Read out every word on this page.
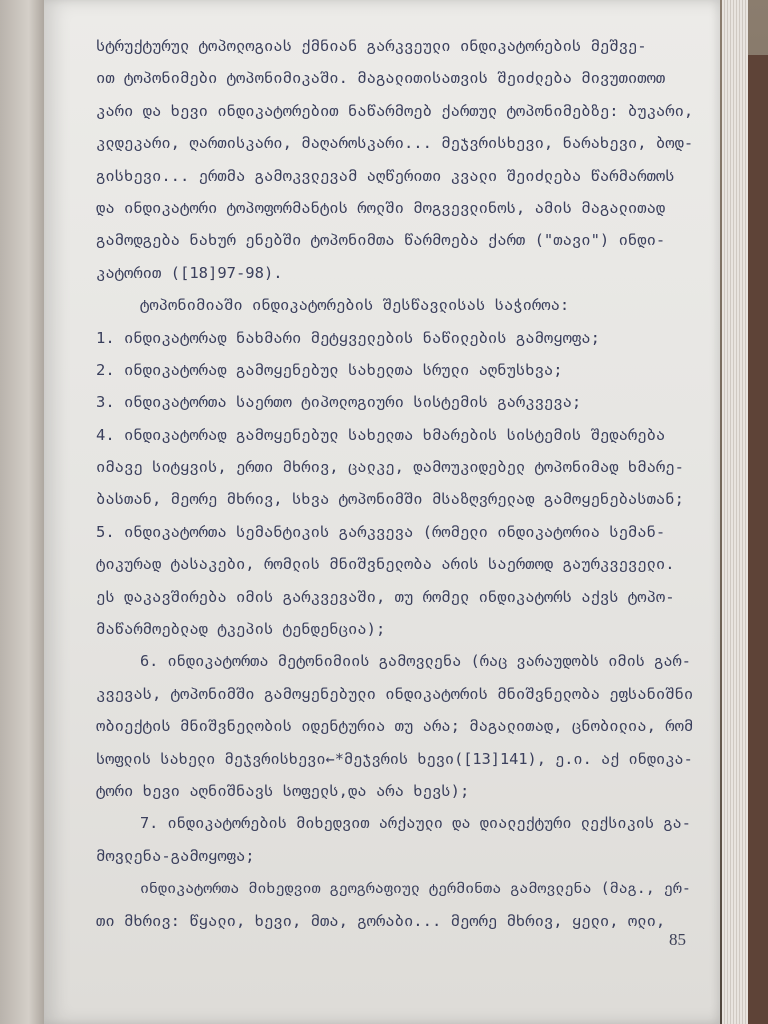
სტრუქტურულ ტოპოლოგიას ქმნიან გარკვეული ინდიკატორების მეშვე-
ით ტოპონიმები ტოპონიმიკაში. მაგალითისათვის შეიძლება მივუთითოთ
კარი და ხევი ინდიკატორებით ნაწარმოებ ქართულ ტოპონიმებზე: ბუკარი,
კლდეკარი, ღართისკარი, მაღაროსკარი... მეჯვრისხევი, ნარახევი, ბოდ-
გისხევი... ერთმა გამოკვლევამ აღწერითი კვალი შეიძლება წარმართოს
და ინდიკატორი ტოპოფორმანტის როლში მოგვევლინოს, ამის მაგალითად
გამოდგება ნახურ ენებში ტოპონიმთა წარმოება ქართ ("თავი") ინდი-
კატორით ([18]97-98).
ტოპონიმიაში ინდიკატორების შესწავლისას საჭიროა:
1. ინდიკატორად ნახმარი მეტყველების ნაწილების გამოყოფა;
2. ინდიკატორად გამოყენებულ სახელთა სრული აღნუსხვა;
3. ინდიკატორთა საერთო ტიპოლოგიური სისტემის გარკვევა;
4. ინდიკატორად გამოყენებულ სახელთა ხმარების სისტემის შედარება
იმავე სიტყვის, ერთი მხრივ, ცალკე, დამოუკიდებელ ტოპონიმად ხმარე-
ბასთან, მეორე მხრივ, სხვა ტოპონიმში მსაზღვრელად გამოყენებასთან;
5. ინდიკატორთა სემანტიკის გარკვევა (რომელი ინდიკატორია სემან-
ტიკურად ტასაკები, რომლის მნიშვნელობა არის საერთოდ გაურკვეველი.
ეს დაკავშირება იმის გარკვევაში, თუ რომელ ინდიკატორს აქვს ტოპო-
მაწარმოებლად ტკეპის ტენდენცია);
6. ინდიკატორთა მეტონიმიის გამოვლენა (რაც ვარაუდობს იმის გარ-
კვევას, ტოპონიმში გამოყენებული ინდიკატორის მნიშვნელობა ეფსანიშნი
ობიექტის მნიშვნელობის იდენტურია თუ არა; მაგალითად, ცნობილია, რომ
სოფლის სახელი მეჯვრისხევი←*მეჯვრის ხევი([13]141), ე.ი. აქ ინდიკა-
ტორი ხევი აღნიშნავს სოფელს,და არა ხევს);
7. ინდიკატორების მიხედვით არქაული და დიალექტური ლექსიკის გა-
მოვლენა-გამოყოფა;
ინდიკატორთა მიხედვით გეოგრაფიულ ტერმინთა გამოვლენა (მაგ., ერ-
თი მხრივ: წყალი, ხევი, მთა, გორაბი... მეორე მხრივ, ყელი, ოლი,
85
